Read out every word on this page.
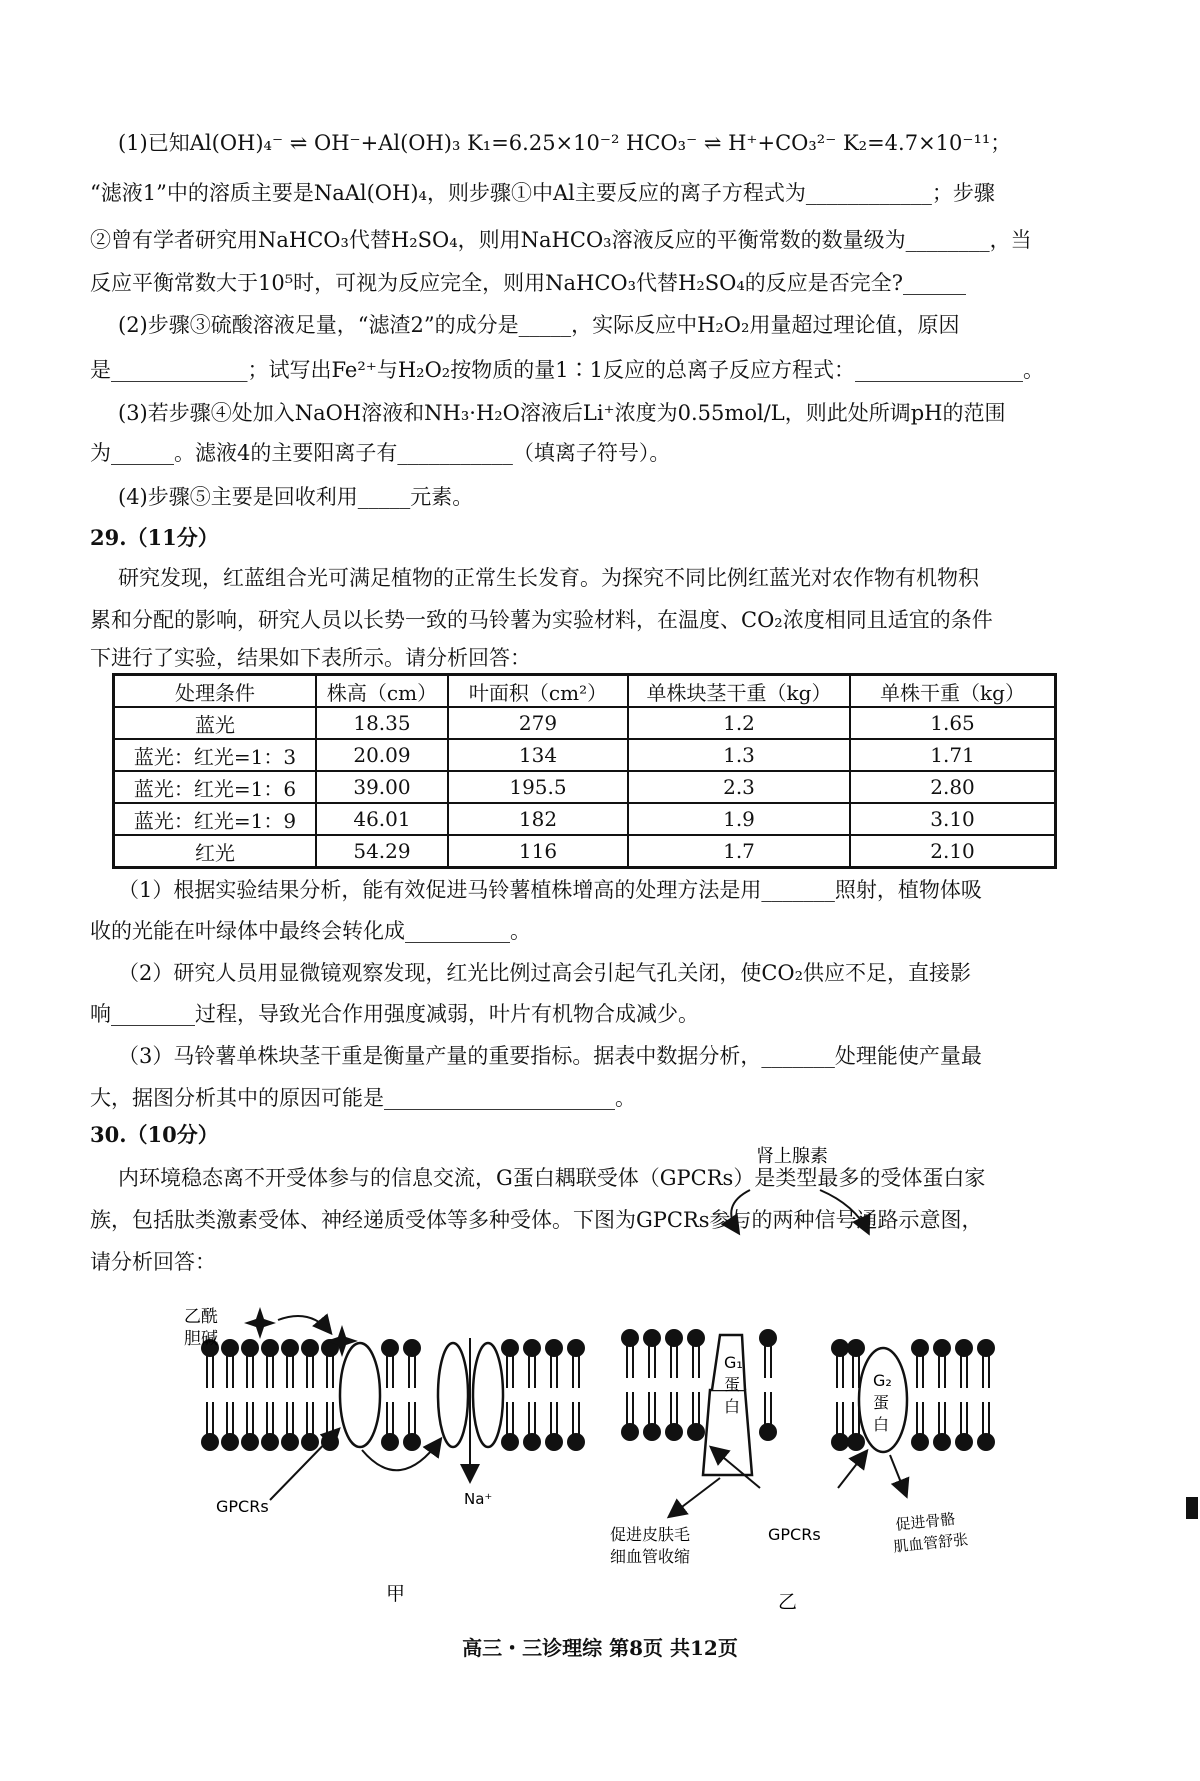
(1)已知Al(OH)₄⁻ ⇌ OH⁻+Al(OH)₃ K₁=6.25×10⁻² HCO₃⁻ ⇌ H⁺+CO₃²⁻ K₂=4.7×10⁻¹¹；
“滤液1”中的溶质主要是NaAl(OH)₄，则步骤①中Al主要反应的离子方程式为____________；步骤
②曾有学者研究用NaHCO₃代替H₂SO₄，则用NaHCO₃溶液反应的平衡常数的数量级为________，当
反应平衡常数大于10⁵时，可视为反应完全，则用NaHCO₃代替H₂SO₄的反应是否完全?______
(2)步骤③硫酸溶液足量，“滤渣2”的成分是_____，实际反应中H₂O₂用量超过理论值，原因
是_____________；试写出Fe²⁺与H₂O₂按物质的量1∶1反应的总离子反应方程式：________________。
(3)若步骤④处加入NaOH溶液和NH₃·H₂O溶液后Li⁺浓度为0.55mol/L，则此处所调pH的范围
为______。滤液4的主要阳离子有___________（填离子符号）。
(4)步骤⑤主要是回收利用_____元素。
29.（11分）
研究发现，红蓝组合光可满足植物的正常生长发育。为探究不同比例红蓝光对农作物有机物积
累和分配的影响，研究人员以长势一致的马铃薯为实验材料，在温度、CO₂浓度相同且适宜的条件
下进行了实验，结果如下表所示。请分析回答：
处理条件	株高（cm）	叶面积（cm²）	单株块茎干重（kg）	单株干重（kg）
蓝光	18.35	279	1.2	1.65
蓝光：红光=1：3	20.09	134	1.3	1.71
蓝光：红光=1：6	39.00	195.5	2.3	2.80
蓝光：红光=1：9	46.01	182	1.9	3.10
红光	54.29	116	1.7	2.10
（1）根据实验结果分析，能有效促进马铃薯植株增高的处理方法是用_______照射，植物体吸
收的光能在叶绿体中最终会转化成__________。
（2）研究人员用显微镜观察发现，红光比例过高会引起气孔关闭，使CO₂供应不足，直接影
响________过程，导致光合作用强度减弱，叶片有机物合成减少。
（3）马铃薯单株块茎干重是衡量产量的重要指标。据表中数据分析，_______处理能使产量最
大，据图分析其中的原因可能是______________________。
30.（10分）
内环境稳态离不开受体参与的信息交流，G蛋白耦联受体（GPCRs）是类型最多的受体蛋白家
族，包括肽类激素受体、神经递质受体等多种受体。下图为GPCRs参与的两种信号通路示意图，
请分析回答：
乙酰
胆碱
GPCRs	Na⁺
甲
G₁
蛋
白
G₂
蛋
白
肾上腺素
促进皮肤毛
细血管收缩
GPCRs
促进骨骼
肌血管舒张
乙
高三・三诊理综 第8页 共12页
